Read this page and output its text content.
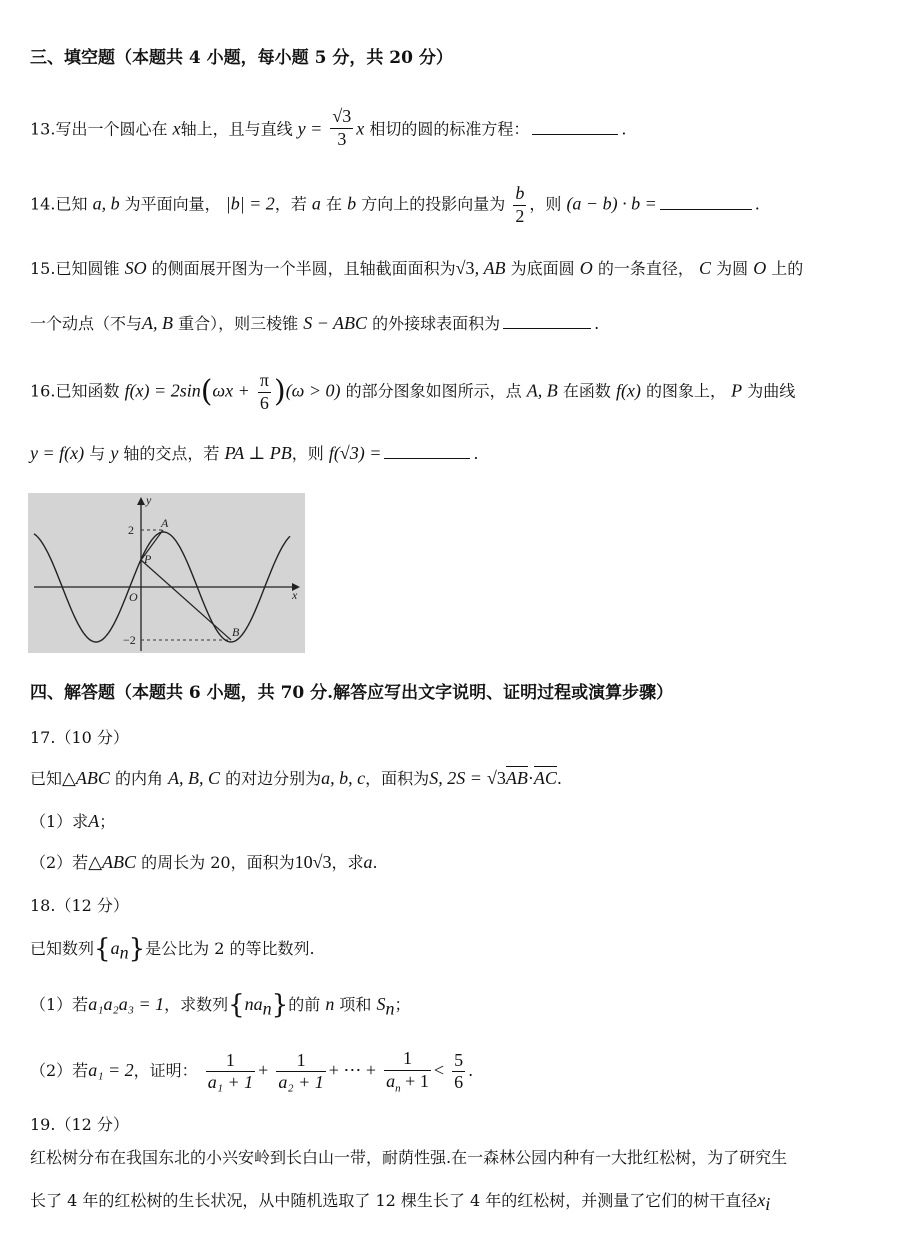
三、填空题（本题共 4 小题，每小题 5 分，共 20 分）
13.写出一个圆心在 x轴上，且与直线 $y = \frac{√3}{3}$ x 相切的圆的标准方程：	.
14.已知 a, b 为平面向量， |b| = 2，若 a 在 b 方向上的投影向量为 $\frac{b}{2}$ ，则 (a − b) · b =	.
15.已知圆锥 SO 的侧面展开图为一个半圆，且轴截面面积为√3, AB 为底面圆 O 的一条直径， C 为圆 O 上的
一个动点（不与A, B 重合），则三棱锥 S − ABC 的外接球表面积为	.
16.已知函数 $f(x) = 2\sin(\omega x + \frac{\pi}{6} )(\omega > 0)$ 的部分图象如图所示，点 A, B 在函数 f(x) 的图象上， P 为曲线
y = f(x) 与 y 轴的交点，若 PA ⊥ PB，则 f(√3) =	.
y
x
O
A
P
B
2
−2
四、解答题（本题共 6 小题，共 70 分.解答应写出文字说明、证明过程或演算步骤）
17.（10 分）
已知△ABC 的内角 A, B, C 的对边分别为a, b, c，面积为S, 2S = √3AB·AC.
（1）求A；
（2）若△ABC 的周长为 20，面积为10√3，求a.
18.（12 分）
已知数列$\{a_n\}$是公比为 2 的等比数列.
（1）若a₁a₂a₃ = 1，求数列$\{na_n\}$的前 n 项和 $S_n$；
（2）若a₁ = 2，证明： $\frac{1}{\text{a₁ + 1}} + \frac{1}{\text{a₂ + 1}}$ + ⋯ + $\frac{1}{a_n + 1} < \frac{5}{6}$ .
19.（12 分）
红松树分布在我国东北的小兴安岭到长白山一带，耐荫性强.在一森林公园内种有一大批红松树，为了研究生
长了 4 年的红松树的生长状况，从中随机选取了 12 棵生长了 4 年的红松树，并测量了它们的树干直径$x_i$
